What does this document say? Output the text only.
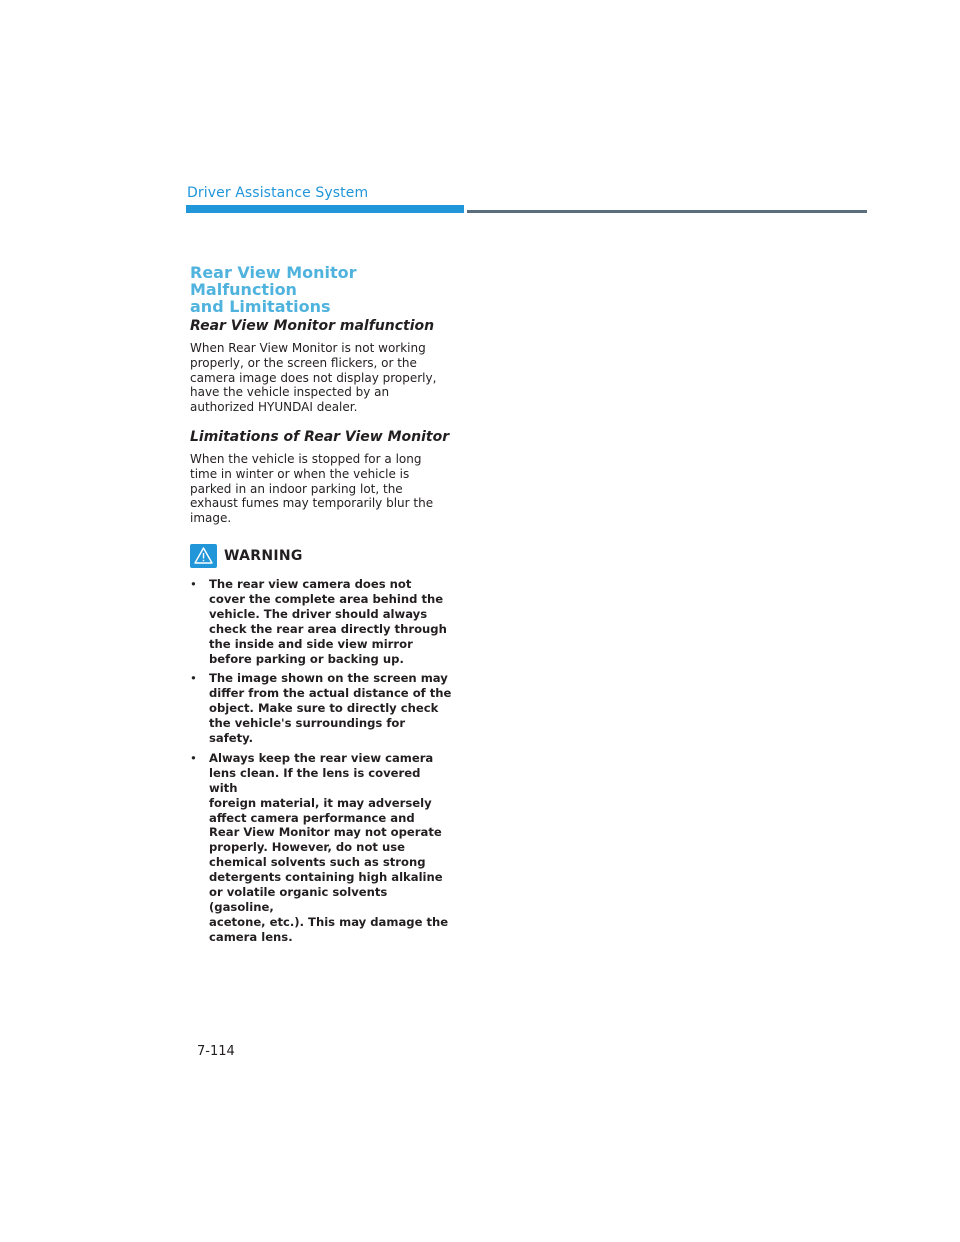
Driver Assistance System
Rear View Monitor Malfunction
and Limitations
Rear View Monitor malfunction
When Rear View Monitor is not working
properly, or the screen flickers, or the
camera image does not display properly,
have the vehicle inspected by an
authorized HYUNDAI dealer.
Limitations of Rear View Monitor
When the vehicle is stopped for a long
time in winter or when the vehicle is
parked in an indoor parking lot, the
exhaust fumes may temporarily blur the
image.
WARNING
• The rear view camera does not
cover the complete area behind the
vehicle. The driver should always
check the rear area directly through
the inside and side view mirror
before parking or backing up.
• The image shown on the screen may
differ from the actual distance of the
object. Make sure to directly check
the vehicle's surroundings for safety.
• Always keep the rear view camera
lens clean. If the lens is covered with
foreign material, it may adversely
affect camera performance and
Rear View Monitor may not operate
properly. However, do not use
chemical solvents such as strong
detergents containing high alkaline
or volatile organic solvents (gasoline,
acetone, etc.). This may damage the
camera lens.
7-114
